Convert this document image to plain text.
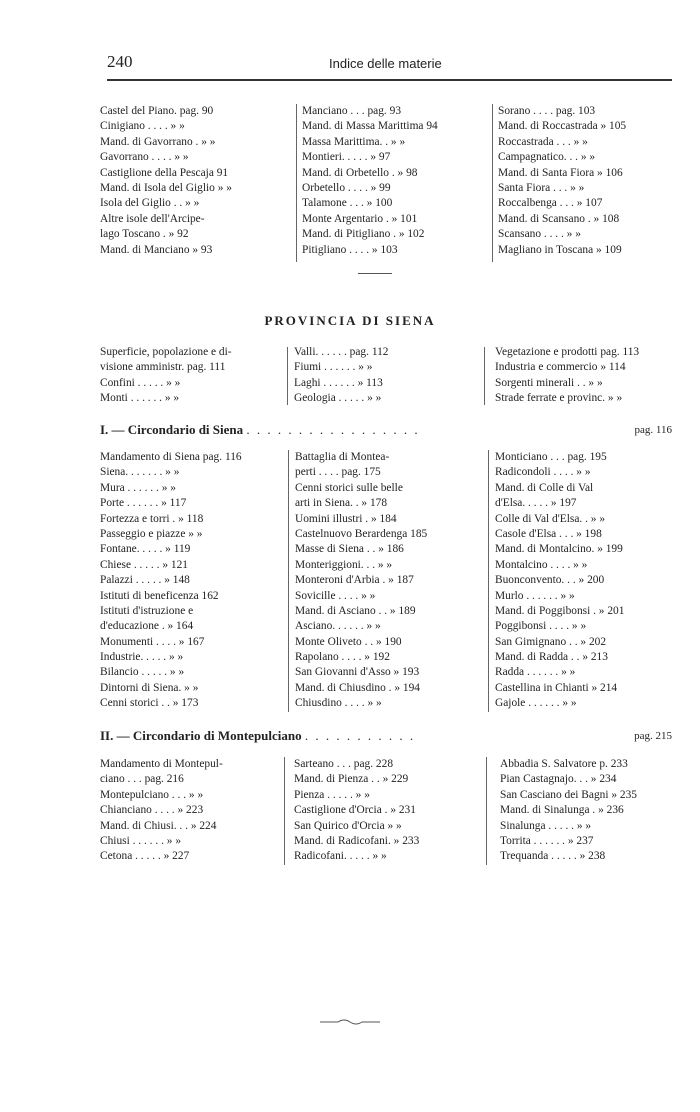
240	Indice delle materie
Castel del Piano. pag. 90
Cinigiano . . . . » »
Mand. di Gavorrano . » »
Gavorrano . . . . » »
Castiglione della Pescaja 91
Mand. di Isola del Giglio » »
Isola del Giglio . . » »
Altre isole dell'Arcipe-
lago Toscano . » 92
Mand. di Manciano » 93
Manciano . . . pag. 93
Mand. di Massa Marittima 94
Massa Marittima. . » »
Montieri. . . . . » 97
Mand. di Orbetello . » 98
Orbetello . . . . » 99
Talamone . . . » 100
Monte Argentario . » 101
Mand. di Pitigliano . » 102
Pitigliano . . . . » 103
Sorano . . . . pag. 103
Mand. di Roccastrada » 105
Roccastrada . . . » »
Campagnatico. . . » »
Mand. di Santa Fiora » 106
Santa Fiora . . . » »
Roccalbenga . . . » 107
Mand. di Scansano . » 108
Scansano . . . . » »
Magliano in Toscana » 109
PROVINCIA DI SIENA
Superficie, popolazione e di-
visione amministr. pag. 111
Confini . . . . . » »
Monti . . . . . . » »
Valli. . . . . . pag. 112
Fiumi . . . . . . » »
Laghi . . . . . . » 113
Geologia . . . . . » »
Vegetazione e prodotti pag. 113
Industria e commercio » 114
Sorgenti minerali . . » »
Strade ferrate e provinc. » »
I. — Circondario di Siena . . . . . . . . . . . . . . . . .	pag. 116
Mandamento di Siena pag. 116
Siena. . . . . . . » »
Mura . . . . . . » »
Porte . . . . . . » 117
Fortezza e torri . » 118
Passeggio e piazze » »
Fontane. . . . . » 119
Chiese . . . . . » 121
Palazzi . . . . . » 148
Istituti di beneficenza 162
Istituti d'istruzione e
d'educazione . » 164
Monumenti . . . . » 167
Industrie. . . . . » »
Bilancio . . . . . » »
Dintorni di Siena. » »
Cenni storici . . » 173
Battaglia di Montea-
perti . . . . pag. 175
Cenni storici sulle belle
arti in Siena. . » 178
Uomini illustri . » 184
Castelnuovo Berardenga 185
Masse di Siena . . » 186
Monteriggioni. . . » »
Monteroni d'Arbia . » 187
Sovicille . . . . » »
Mand. di Asciano . . » 189
Asciano. . . . . . » »
Monte Oliveto . . » 190
Rapolano . . . . » 192
San Giovanni d'Asso » 193
Mand. di Chiusdino . » 194
Chiusdino . . . . » »
Monticiano . . . pag. 195
Radicondoli . . . . » »
Mand. di Colle di Val
d'Elsa. . . . . » 197
Colle di Val d'Elsa. . » »
Casole d'Elsa . . . » 198
Mand. di Montalcino. » 199
Montalcino . . . . » »
Buonconvento. . . » 200
Murlo . . . . . . » »
Mand. di Poggibonsi . » 201
Poggibonsi . . . . » »
San Gimignano . . » 202
Mand. di Radda . . » 213
Radda . . . . . . » »
Castellina in Chianti » 214
Gajole . . . . . . » »
II. — Circondario di Montepulciano . . . . . . . . . . .	pag. 215
Mandamento di Montepul-
ciano . . . pag. 216
Montepulciano . . . » »
Chianciano . . . . » 223
Mand. di Chiusi. . . » 224
Chiusi . . . . . . » »
Cetona . . . . . » 227
Sarteano . . . pag. 228
Mand. di Pienza . . » 229
Pienza . . . . . » »
Castiglione d'Orcia . » 231
San Quirico d'Orcia » »
Mand. di Radicofani. » 233
Radicofani. . . . . » »
Abbadia S. Salvatore p. 233
Pian Castagnajo. . . » 234
San Casciano dei Bagni » 235
Mand. di Sinalunga . » 236
Sinalunga . . . . . » »
Torrita . . . . . . » 237
Trequanda . . . . . » 238
